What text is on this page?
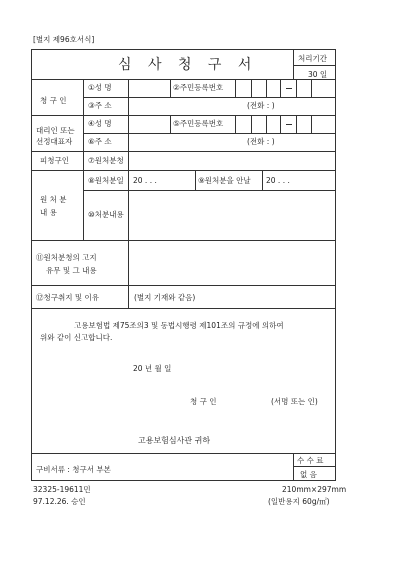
[별지 제96호서식]
심 사 청 구 서	처리기간
30 일
청 구 인
①성 명	②주민등록번호
③주 소	(전화 : )
대리인 또는
선정대표자
④성 명	⑤주민등록번호
⑥주 소	(전화 : )
피청구인	⑦원처분청
원 처 분
내 용
⑧원처분일 20 . . .	⑨원처분을 안날 20 . . .
⑩처분내용
⑪원처분청의 고지
유무 및 그 내용
⑫청구취지 및 이유	(별지 기재와 같음)
고용보험법 제75조의3 및 동법시행령 제101조의 규정에 의하여
위와 같이 신고합니다.
20 년 월 일
청 구 인	(서명 또는 인)
고용보험심사관 귀하
구비서류 : 청구서 부본
수 수 료
없 음
32325-19611민	210mm×297mm
97.12.26. 승인	(일반용지 60g/㎡)
